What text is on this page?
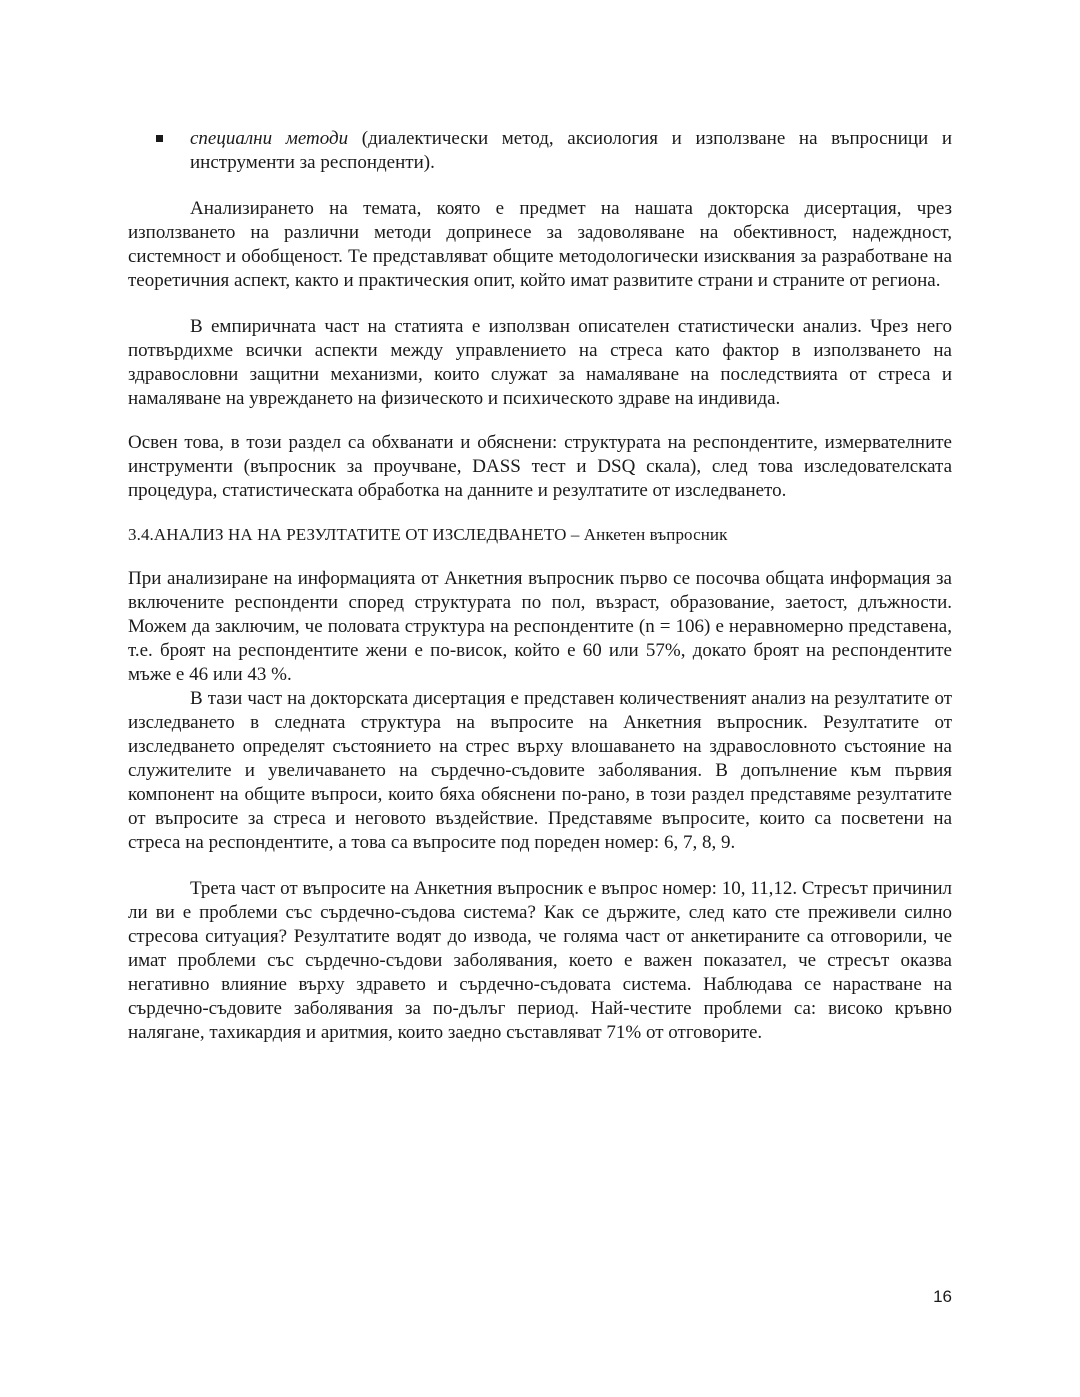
специални методи (диалектически метод, аксиология и използване на въпросници и инструменти за респонденти).

Анализирането на темата, която е предмет на нашата докторска дисертация, чрез използването на различни методи допринесе за задоволяване на обективност, надеждност, системност и обобщеност. Те представляват общите методологически изисквания за разработване на теоретичния аспект, както и практическия опит, който имат развитите страни и страните от региона.

В емпиричната част на статията е използван описателен статистически анализ. Чрез него потвърдихме всички аспекти между управлението на стреса като фактор в използването на здравословни защитни механизми, които служат за намаляване на последствията от стреса и намаляване на увреждането на физическото и психическото здраве на индивида.

Освен това, в този раздел са обхванати и обяснени: структурата на респондентите, измервателните инструменти (въпросник за проучване, DASS тест и DSQ скала), след това изследователската процедура, статистическата обработка на данните и резултатите от изследването.

3.4.АНАЛИЗ НА НА РЕЗУЛТАТИТЕ ОТ ИЗСЛЕДВАНЕТО – Анкетен въпросник

При анализиране на информацията от Анкетния въпросник първо се посочва общата информация за включените респонденти според структурата по пол, възраст, образование, заетост, длъжности. Можем да заключим, че половата структура на респондентите (n = 106) е неравномерно представена, т.е. броят на респондентите жени е по-висок, който е 60 или 57%, докато броят на респондентите мъже е 46 или 43 %.

В тази част на докторската дисертация е представен количественият анализ на резултатите от изследването в следната структура на въпросите на Анкетния въпросник. Резултатите от изследването определят състоянието на стрес върху влошаването на здравословното състояние на служителите и увеличаването на сърдечно-съдовите заболявания. В допълнение към първия компонент на общите въпроси, които бяха обяснени по-рано, в този раздел представяме резултатите от въпросите за стреса и неговото въздействие. Представяме въпросите, които са посветени на стреса на респондентите, а това са въпросите под пореден номер: 6, 7, 8, 9.

Трета част от въпросите на Анкетния въпросник е въпрос номер: 10, 11,12. Стресът причинил ли ви е проблеми със сърдечно-съдова система? Как се държите, след като сте преживели силно стресова ситуация? Резултатите водят до извода, че голяма част от анкетираните са отговорили, че имат проблеми със сърдечно-съдови заболявания, което е важен показател, че стресът оказва негативно влияние върху здравето и сърдечно-съдовата система. Наблюдава се нарастване на сърдечно-съдовите заболявания за по-дълъг период. Най-честите проблеми са: високо кръвно налягане, тахикардия и аритмия, които заедно съставляват 71% от отговорите.

16
